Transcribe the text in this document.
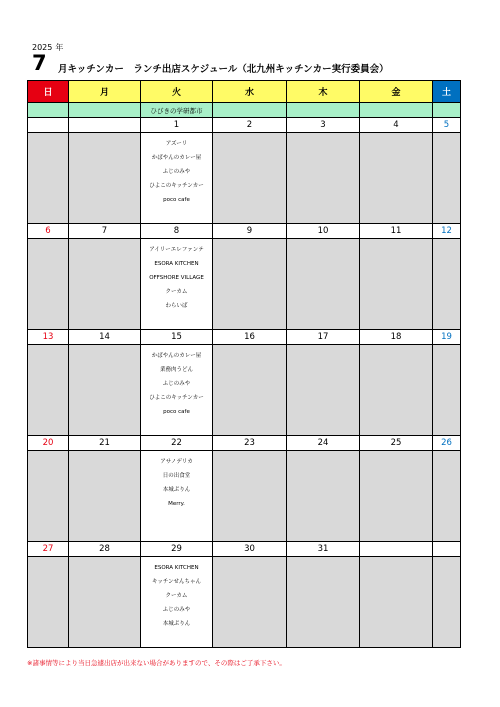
2025 年
7 月キッチンカー　ランチ出店スケジュール（北九州キッチンカー実行委員会）
日	月	火	水	木	金	土
		ひびきの学研都市				
		1	2	3	4	5

		アズーリ
かばやんのカレー屋
ふじのみや
ひよこのキッチンカー
poco cafe				

6	7	8	9	10	11	12

		アイリーエレファンテ
ESORA KITCHEN
OFFSHORE VILLAGE
クーカム
わらいば				

13	14	15	16	17	18	19

		かばやんのカレー屋
業務肉うどん
ふじのみや
ひよこのキッチンカー
poco cafe				

20	21	22	23	24	25	26

		アサノデリカ
日の出食堂
本城ぷりん
Merry.				

27	28	29	30	31		

		ESORA KITCHEN
キッチンせんちゃん
クーカム
ふじのみや
本城ぷりん				

※諸事情等により当日急遽出店が出来ない場合がありますので、その際はご了承下さい。
